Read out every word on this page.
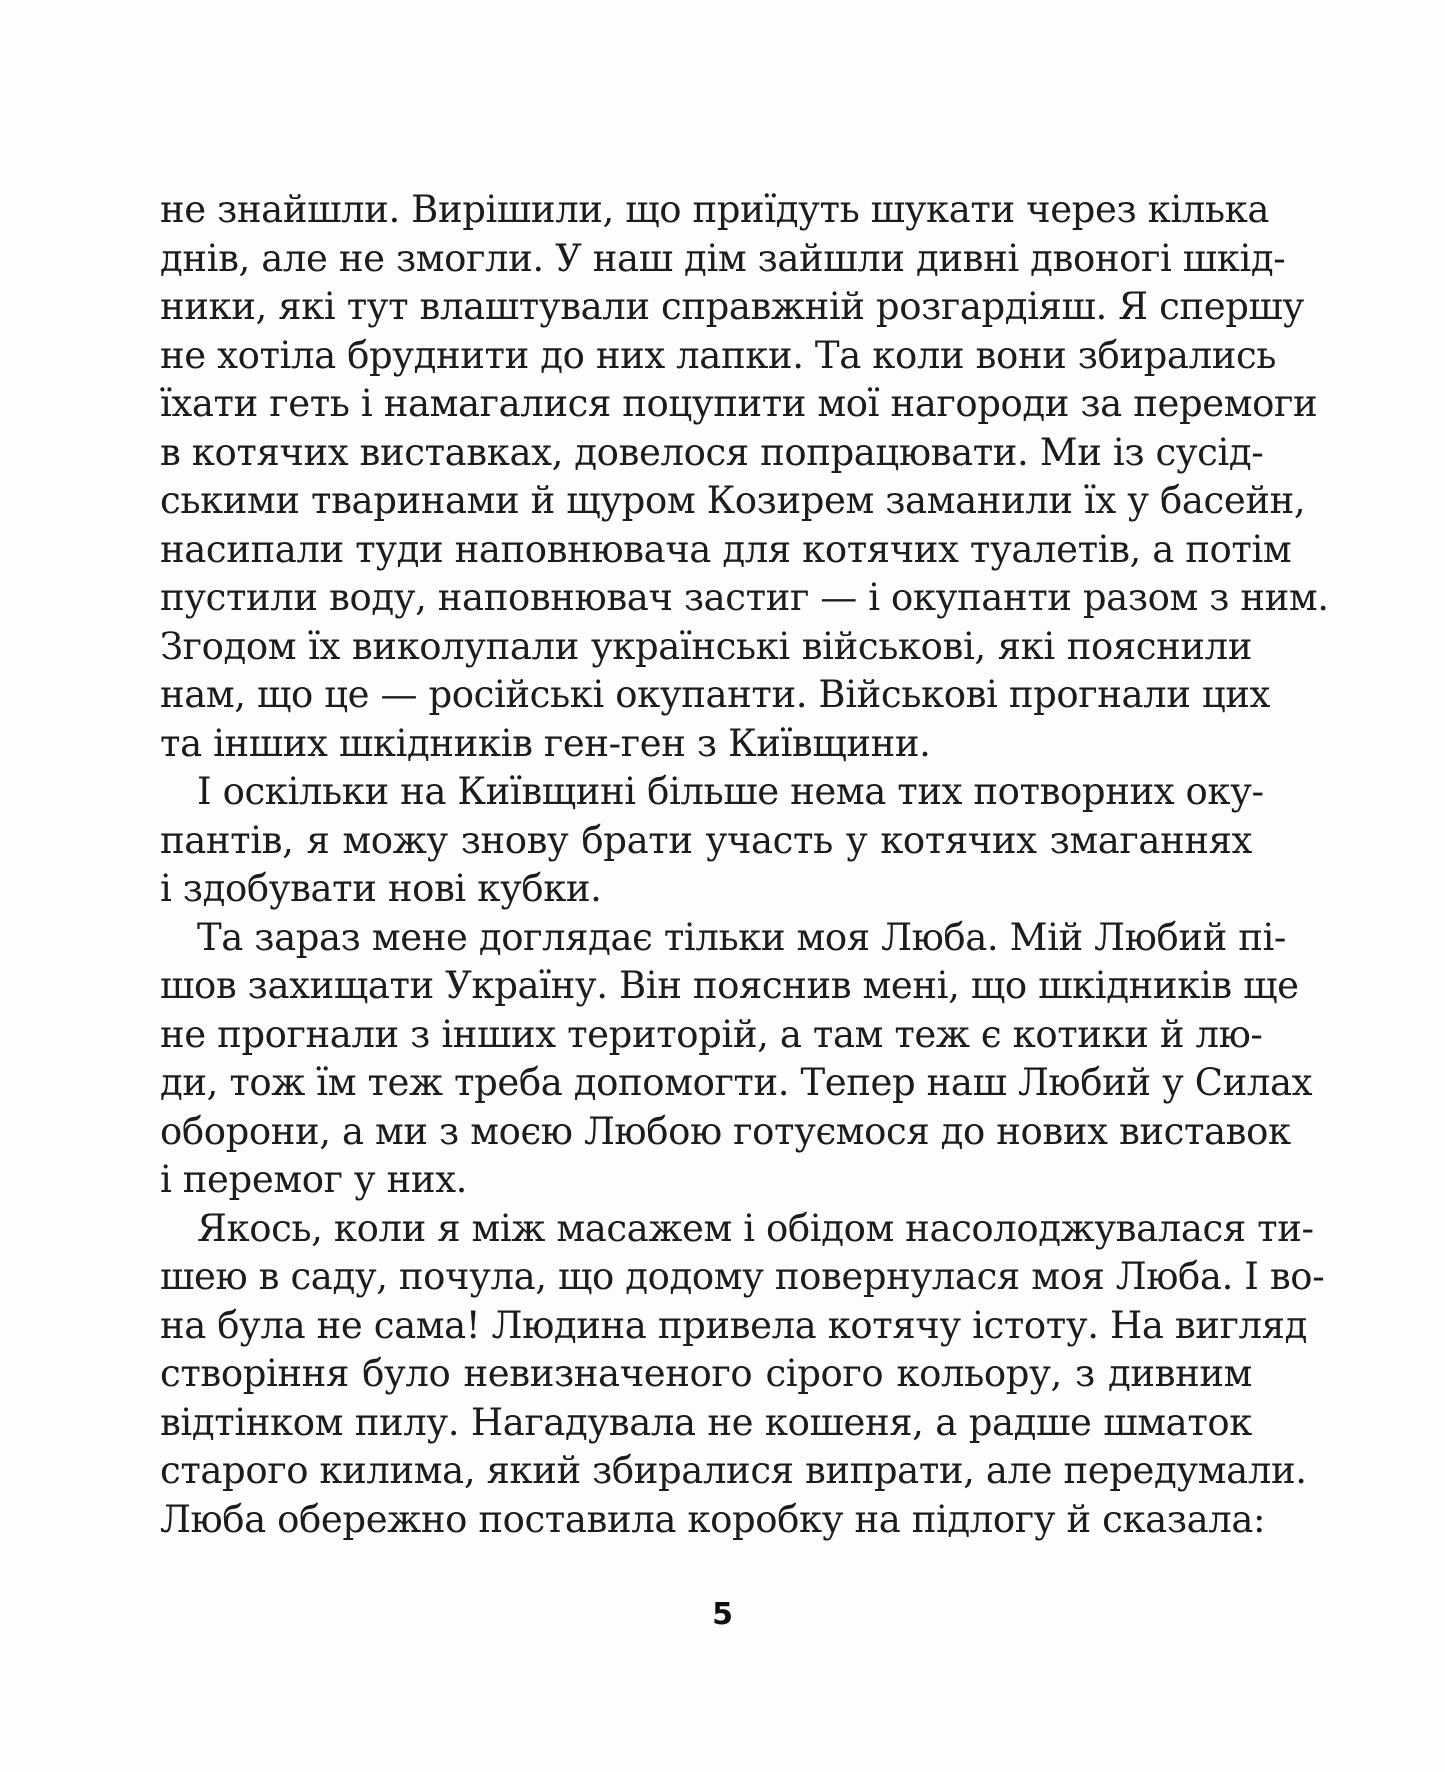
не знайшли. Вирішили, що приїдуть шукати через кілька
днів, але не змогли. У наш дім зайшли дивні двоногі шкід-
ники, які тут влаштували справжній розгардіяш. Я спершу
не хотіла бруднити до них лапки. Та коли вони збирались
їхати геть і намагалися поцупити мої нагороди за перемоги
в котячих виставках, довелося попрацювати. Ми із сусід-
ськими тваринами й щуром Козирем заманили їх у басейн,
насипали туди наповнювача для котячих туалетів, а потім
пустили воду, наповнювач застиг — і окупанти разом з ним.
Згодом їх виколупали українські військові, які пояснили
нам, що це — російські окупанти. Військові прогнали цих
та інших шкідників ген-ген з Київщини.
І оскільки на Київщині більше нема тих потворних оку-
пантів, я можу знову брати участь у котячих змаганнях
і здобувати нові кубки.
Та зараз мене доглядає тільки моя Люба. Мій Любий пі-
шов захищати Україну. Він пояснив мені, що шкідників ще
не прогнали з інших територій, а там теж є котики й лю-
ди, тож їм теж треба допомогти. Тепер наш Любий у Силах
оборони, а ми з моєю Любою готуємося до нових виставок
і перемог у них.
Якось, коли я між масажем і обідом насолоджувалася ти-
шею в саду, почула, що додому повернулася моя Люба. І во-
на була не сама! Людина привела котячу істоту. На вигляд
створіння було невизначеного сірого кольору, з дивним
відтінком пилу. Нагадувала не кошеня, а радше шматок
старого килима, який збиралися випрати, але передумали.
Люба обережно поставила коробку на підлогу й сказала:
5
